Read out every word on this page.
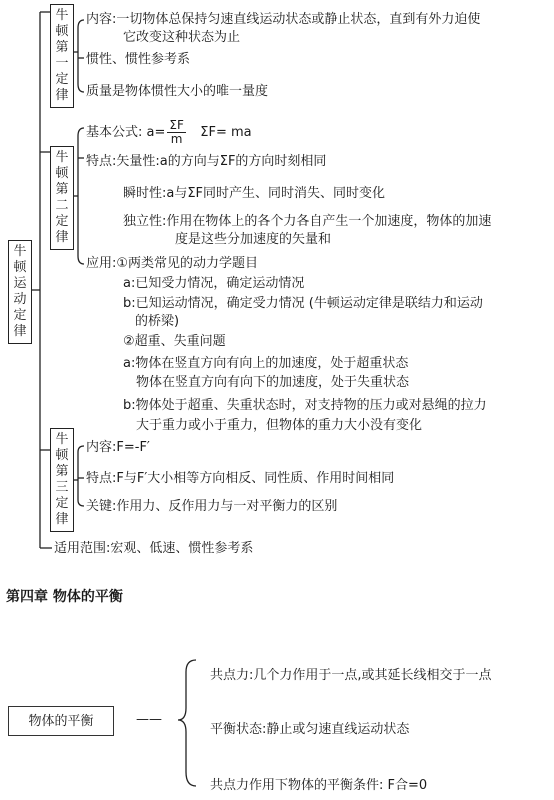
牛
顿
运
动
定
律
牛
顿
第
一
定
律
内容:一切物体总保持匀速直线运动状态或静止状态，直到有外力迫使
它改变这种状态为止
惯性、惯性参考系
质量是物体惯性大小的唯一量度
牛
顿
第
二
定
律
基本公式: $a= \frac{\Sigma F}{m} \Sigma F=$ ma
特点:矢量性:a的方向与ΣF的方向时刻相同
瞬时性:a与ΣF同时产生、同时消失、同时变化
独立性:作用在物体上的各个力各自产生一个加速度，物体的加速
度是这些分加速度的矢量和
应用:①两类常见的动力学题目
a:已知受力情况，确定运动情况
b:已知运动情况，确定受力情况 (牛顿运动定律是联结力和运动
的桥梁)
②超重、失重问题
a:物体在竖直方向有向上的加速度，处于超重状态
物体在竖直方向有向下的加速度，处于失重状态
b:物体处于超重、失重状态时，对支持物的压力或对悬绳的拉力
大于重力或小于重力，但物体的重力大小没有变化
牛
顿
第
三
定
律
内容:F=-F′
特点:F与F′大小相等方向相反、同性质、作用时间相同
关键:作用力、反作用力与一对平衡力的区别
适用范围:宏观、低速、惯性参考系
第四章 物体的平衡
物体的平衡	——
共点力:几个力作用于一点,或其延长线相交于一点
平衡状态:静止或匀速直线运动状态
共点力作用下物体的平衡条件: F合=0
